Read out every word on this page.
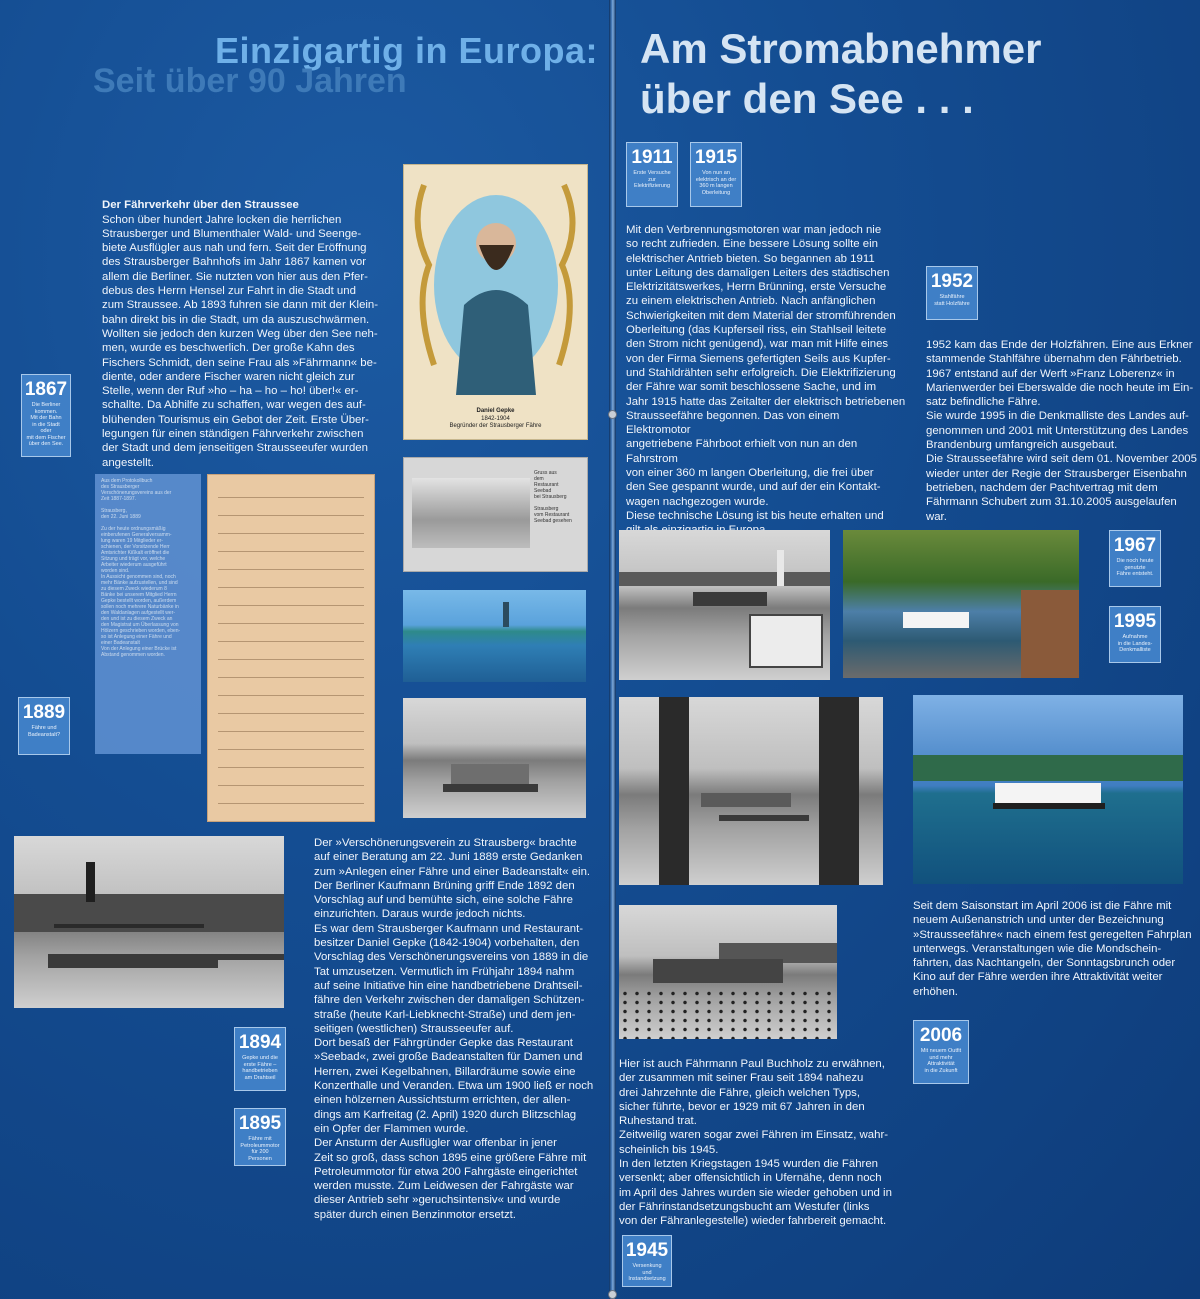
Einzigartig in Europa:
Seit über 90 Jahren

Der Fährverkehr über den Straussee

Schon über hundert Jahre locken die herrlichen
Strausberger und Blumenthaler Wald- und Seenge-
biete Ausflügler aus nah und fern. Seit der Eröffnung
des Strausberger Bahnhofs im Jahr 1867 kamen vor
allem die Berliner. Sie nutzten von hier aus den Pfer-
debus des Herrn Hensel zur Fahrt in die Stadt und
zum Straussee. Ab 1893 fuhren sie dann mit der Klein-
bahn direkt bis in die Stadt, um da auszuschwärmen.
Wollten sie jedoch den kurzen Weg über den See neh-
men, wurde es beschwerlich. Der große Kahn des
Fischers Schmidt, den seine Frau als »Fährmann« be-
diente, oder andere Fischer waren nicht gleich zur
Stelle, wenn der Ruf »ho – ha – ho – ho! über!« er-
schallte. Da Abhilfe zu schaffen, war wegen des auf-
blühenden Tourismus ein Gebot der Zeit. Erste Über-
legungen für einen ständigen Fährverkehr zwischen
der Stadt und dem jenseitigen Strausseeufer wurden
angestellt.

Daniel Gepke
1842-1904
Begründer der Strausberger Fähre
Gruss aus
dem
Restaurant
Seebad
bei Strausberg

Strausberg
vom Restaurant
Seebad gesehen
Aus dem Protokollbuch
des Strausberger
Verschönerungsvereins aus der
Zeit 1887-1897.

Strausberg,
den 22. Juni 1889

Zu der heute ordnungsmäßig
einberufenen Generalversamm-
lung waren 19 Mitglieder er-
schienen, der Vorsitzende Herr
Amtsrichter Kißkalt eröffnet die
Sitzung und trägt vor, welche
Arbeiter wiederum ausgeführt
worden sind.
In Aussicht genommen sind, noch
mehr Bänke aufzustellen, und sind
zu diesem Zweck wiederum 8
Bänke bei unserem Mitglied Herrn
Gepke bestellt worden, außerdem
sollen noch mehrere Naturbänke in
den Waldanlagen aufgestellt wer-
den und ist zu diesem Zweck an
den Magistrat um Überlassung von
Hölzern geschrieben worden, eben-
so ist Anlegung einer Fähre und
einer Badeanstalt
Von der Anlegung einer Brücke ist
Abstand genommen worden.
Der »Verschönerungsverein zu Strausberg« brachte
auf einer Beratung am 22. Juni 1889 erste Gedanken
zum »Anlegen einer Fähre und einer Badeanstalt« ein.
Der Berliner Kaufmann Brüning griff Ende 1892 den
Vorschlag auf und bemühte sich, eine solche Fähre
einzurichten. Daraus wurde jedoch nichts.
Es war dem Strausberger Kaufmann und Restaurant-
besitzer Daniel Gepke (1842-1904) vorbehalten, den
Vorschlag des Verschönerungsvereins von 1889 in die
Tat umzusetzen. Vermutlich im Frühjahr 1894 nahm
auf seine Initiative hin eine handbetriebene Drahtseil-
fähre den Verkehr zwischen der damaligen Schützen-
straße (heute Karl-Liebknecht-Straße) und dem jen-
seitigen (westlichen) Strausseeufer auf.
Dort besaß der Fährgründer Gepke das Restaurant
»Seebad«, zwei große Badeanstalten für Damen und
Herren, zwei Kegelbahnen, Billardräume sowie eine
Konzerthalle und Veranden. Etwa um 1900 ließ er noch
einen hölzernen Aussichtsturm errichten, der allen-
dings am Karfreitag (2. April) 1920 durch Blitzschlag
ein Opfer der Flammen wurde.
Der Ansturm der Ausflügler war offenbar in jener
Zeit so groß, dass schon 1895 eine größere Fähre mit
Petroleummotor für etwa 200 Fahrgäste eingerichtet
werden musste. Zum Leidwesen der Fahrgäste war
dieser Antrieb sehr »geruchsintensiv« und wurde
später durch einen Benzinmotor ersetzt.
1867
Die Berliner
kommen.
Mit der Bahn
in die Stadt oder
mit dem Fischer
über den See.
1889
Fähre und
Badeanstalt?
1894
Gepke und die
erste Fähre –
handbetrieben
am Drahtseil
1895
Fähre mit
Petroleummotor
für 200 Personen
Am Stromabnehmer
über den See . . .
1911
Erste Versuche
zur
Elektrifizierung
1915
Von nun an
elektrisch an der
360 m langen
Oberleitung
Mit den Verbrennungsmotoren war man jedoch nie
so recht zufrieden. Eine bessere Lösung sollte ein
elektrischer Antrieb bieten. So begannen ab 1911
unter Leitung des damaligen Leiters des städtischen
Elektrizitätswerkes, Herrn Brünning, erste Versuche
zu einem elektrischen Antrieb. Nach anfänglichen
Schwierigkeiten mit dem Material der stromführenden
Oberleitung (das Kupferseil riss, ein Stahlseil leitete
den Strom nicht genügend), war man mit Hilfe eines
von der Firma Siemens gefertigten Seils aus Kupfer-
und Stahldrähten sehr erfolgreich. Die Elektrifizierung
der Fähre war somit beschlossene Sache, und im
Jahr 1915 hatte das Zeitalter der elektrisch betriebenen
Strausseefähre begonnen. Das von einem Elektromotor
angetriebene Fährboot erhielt von nun an den Fahrstrom
von einer 360 m langen Oberleitung, die frei über
den See gespannt wurde, und auf der ein Kontakt-
wagen nachgezogen wurde.
Diese technische Lösung ist bis heute erhalten und

1952
Stahlfähre
statt Holzfähre
1952 kam das Ende der Holzfähren. Eine aus Erkner
stammende Stahlfähre übernahm den Fährbetrieb.
1967 entstand auf der Werft »Franz Loberenz« in
Marienwerder bei Eberswalde die noch heute im Ein-
satz befindliche Fähre.
Sie wurde 1995 in die Denkmalliste des Landes auf-
genommen und 2001 mit Unterstützung des Landes
Brandenburg umfangreich ausgebaut.
Die Strausseefähre wird seit dem 01. November 2005
wieder unter der Regie der Strausberger Eisenbahn
betrieben, nachdem der Pachtvertrag mit dem
Fährmann Schubert zum 31.10.2005 ausgelaufen war.
1967
Die noch heute
genutzte
Fähre entsteht.
1995
Aufnahme
in die Landes-
Denkmalliste
Seit dem Saisonstart im April 2006 ist die Fähre mit
neuem Außenanstrich und unter der Bezeichnung
»Strausseefähre« nach einem fest geregelten Fahrplan
unterwegs. Veranstaltungen wie die Mondschein-
fahrten, das Nachtangeln, der Sonntagsbrunch oder
Kino auf der Fähre werden ihre Attraktivität weiter
erhöhen.
2006
Mit neuem Outfit
und mehr
Attraktivität
in die Zukunft
Hier ist auch Fährmann Paul Buchholz zu erwähnen,
der zusammen mit seiner Frau seit 1894 nahezu
drei Jahrzehnte die Fähre, gleich welchen Typs,
sicher führte, bevor er 1929 mit 67 Jahren in den
Ruhestand trat.
Zeitweilig waren sogar zwei Fähren im Einsatz, wahr-
scheinlich bis 1945.
In den letzten Kriegstagen 1945 wurden die Fähren
versenkt; aber offensichtlich in Ufernähe, denn noch
im April des Jahres wurden sie wieder gehoben und in
der Fährinstandsetzungsbucht am Westufer (links
von der Fähranlegestelle) wieder fahrbereit gemacht.
1945
Versenkung
und
Instandsetzung
